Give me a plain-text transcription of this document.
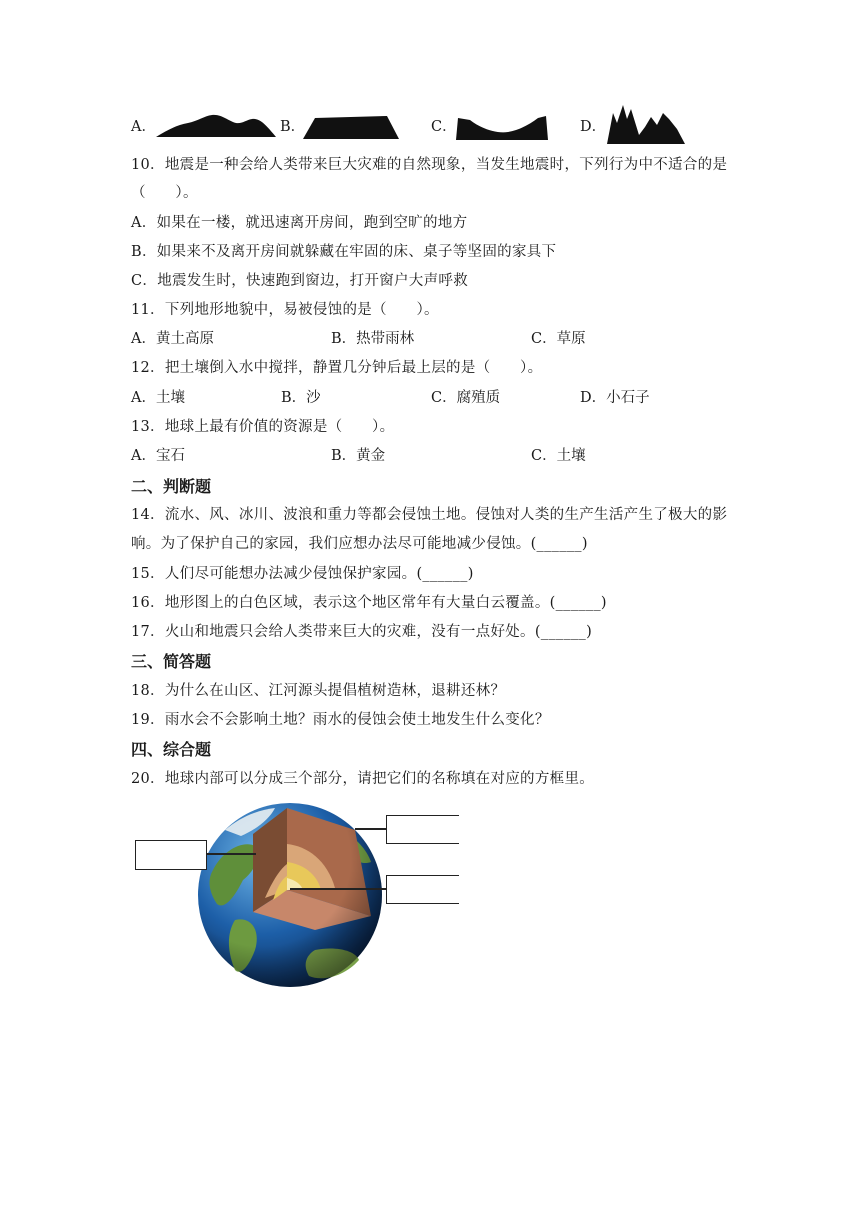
A．	B．	C．	D．
10．地震是一种会给人类带来巨大灾难的自然现象，当发生地震时，下列行为中不适合的是
（　　）。
A．如果在一楼，就迅速离开房间，跑到空旷的地方
B．如果来不及离开房间就躲藏在牢固的床、桌子等坚固的家具下
C．地震发生时，快速跑到窗边，打开窗户大声呼救
11．下列地形地貌中，易被侵蚀的是（　　）。
A．黄土高原	B．热带雨林	C．草原
12．把土壤倒入水中搅拌，静置几分钟后最上层的是（　　）。
A．土壤	B．沙	C．腐殖质	D．小石子
13．地球上最有价值的资源是（　　）。
A．宝石	B．黄金	C．土壤
二、判断题
14．流水、风、冰川、波浪和重力等都会侵蚀土地。侵蚀对人类的生产生活产生了极大的影
响。为了保护自己的家园，我们应想办法尽可能地减少侵蚀。(______)
15．人们尽可能想办法减少侵蚀保护家园。(______)
16．地形图上的白色区域，表示这个地区常年有大量白云覆盖。(______)
17．火山和地震只会给人类带来巨大的灾难，没有一点好处。(______)
三、简答题
18．为什么在山区、江河源头提倡植树造林，退耕还林？
19．雨水会不会影响土地？雨水的侵蚀会使土地发生什么变化？
四、综合题
20．地球内部可以分成三个部分，请把它们的名称填在对应的方框里。
